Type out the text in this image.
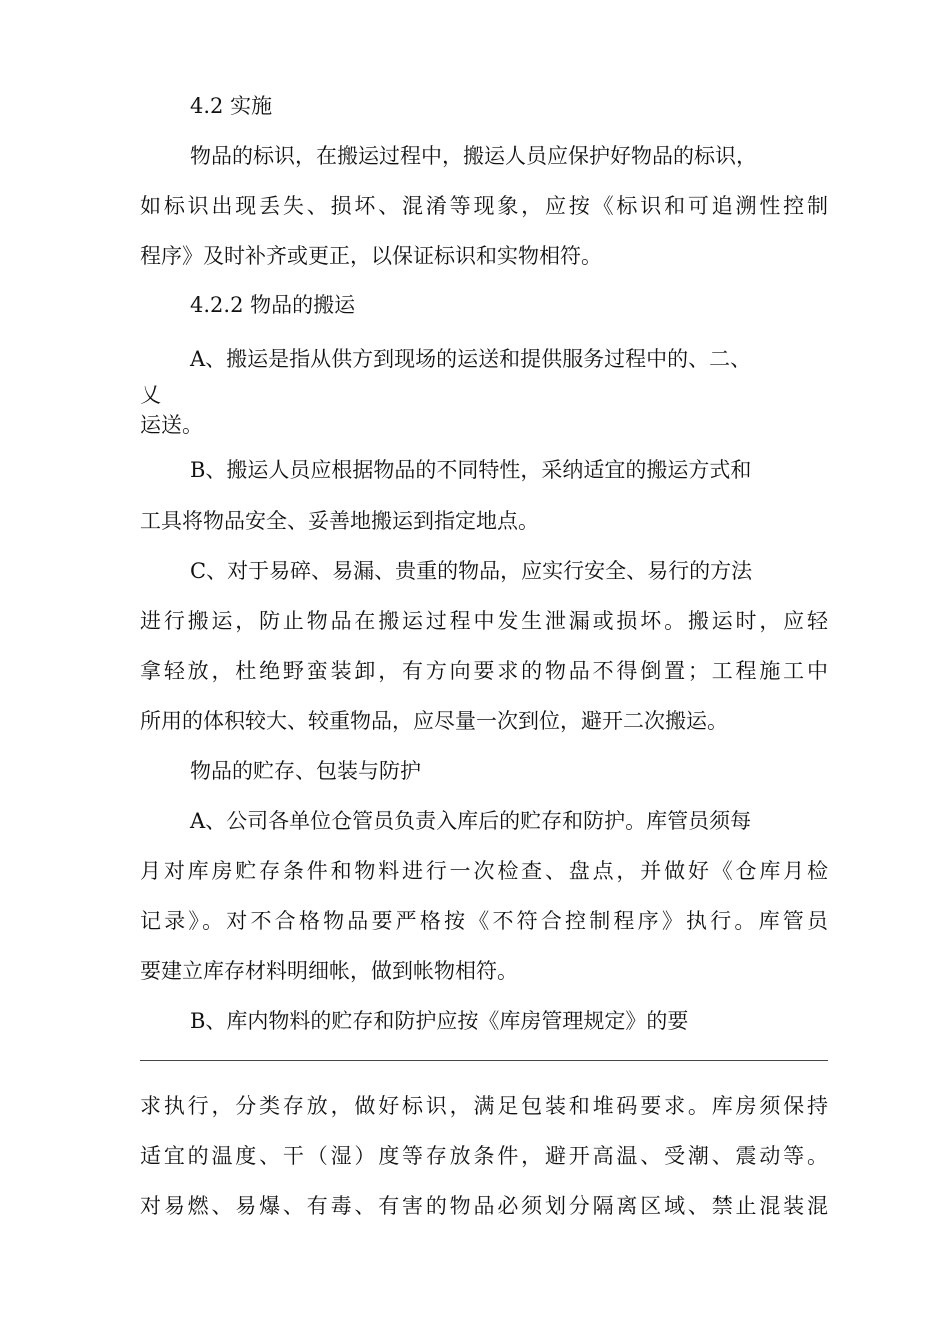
4.2 实施
物品的标识，在搬运过程中，搬运人员应保护好物品的标识，
如标识出现丢失、损坏、混淆等现象，应按《标识和可追溯性控制
程序》及时补齐或更正，以保证标识和实物相符。
4.2.2 物品的搬运
A、搬运是指从供方到现场的运送和提供服务过程中的、二、
乂
运送。
B、搬运人员应根据物品的不同特性，采纳适宜的搬运方式和
工具将物品安全、妥善地搬运到指定地点。
C、对于易碎、易漏、贵重的物品，应实行安全、易行的方法
进行搬运，防止物品在搬运过程中发生泄漏或损坏。搬运时，应轻
拿轻放，杜绝野蛮装卸，有方向要求的物品不得倒置；工程施工中
所用的体积较大、较重物品，应尽量一次到位，避开二次搬运。
物品的贮存、包装与防护
A、公司各单位仓管员负责入库后的贮存和防护。库管员须每
月对库房贮存条件和物料进行一次检查、盘点，并做好《仓库月检
记录》。对不合格物品要严格按《不符合控制程序》执行。库管员
要建立库存材料明细帐，做到帐物相符。
B、库内物料的贮存和防护应按《库房管理规定》的要
求执行，分类存放，做好标识，满足包装和堆码要求。库房须保持
适宜的温度、干（湿）度等存放条件，避开高温、受潮、震动等。
对易燃、易爆、有毒、有害的物品必须划分隔离区域、禁止混装混
